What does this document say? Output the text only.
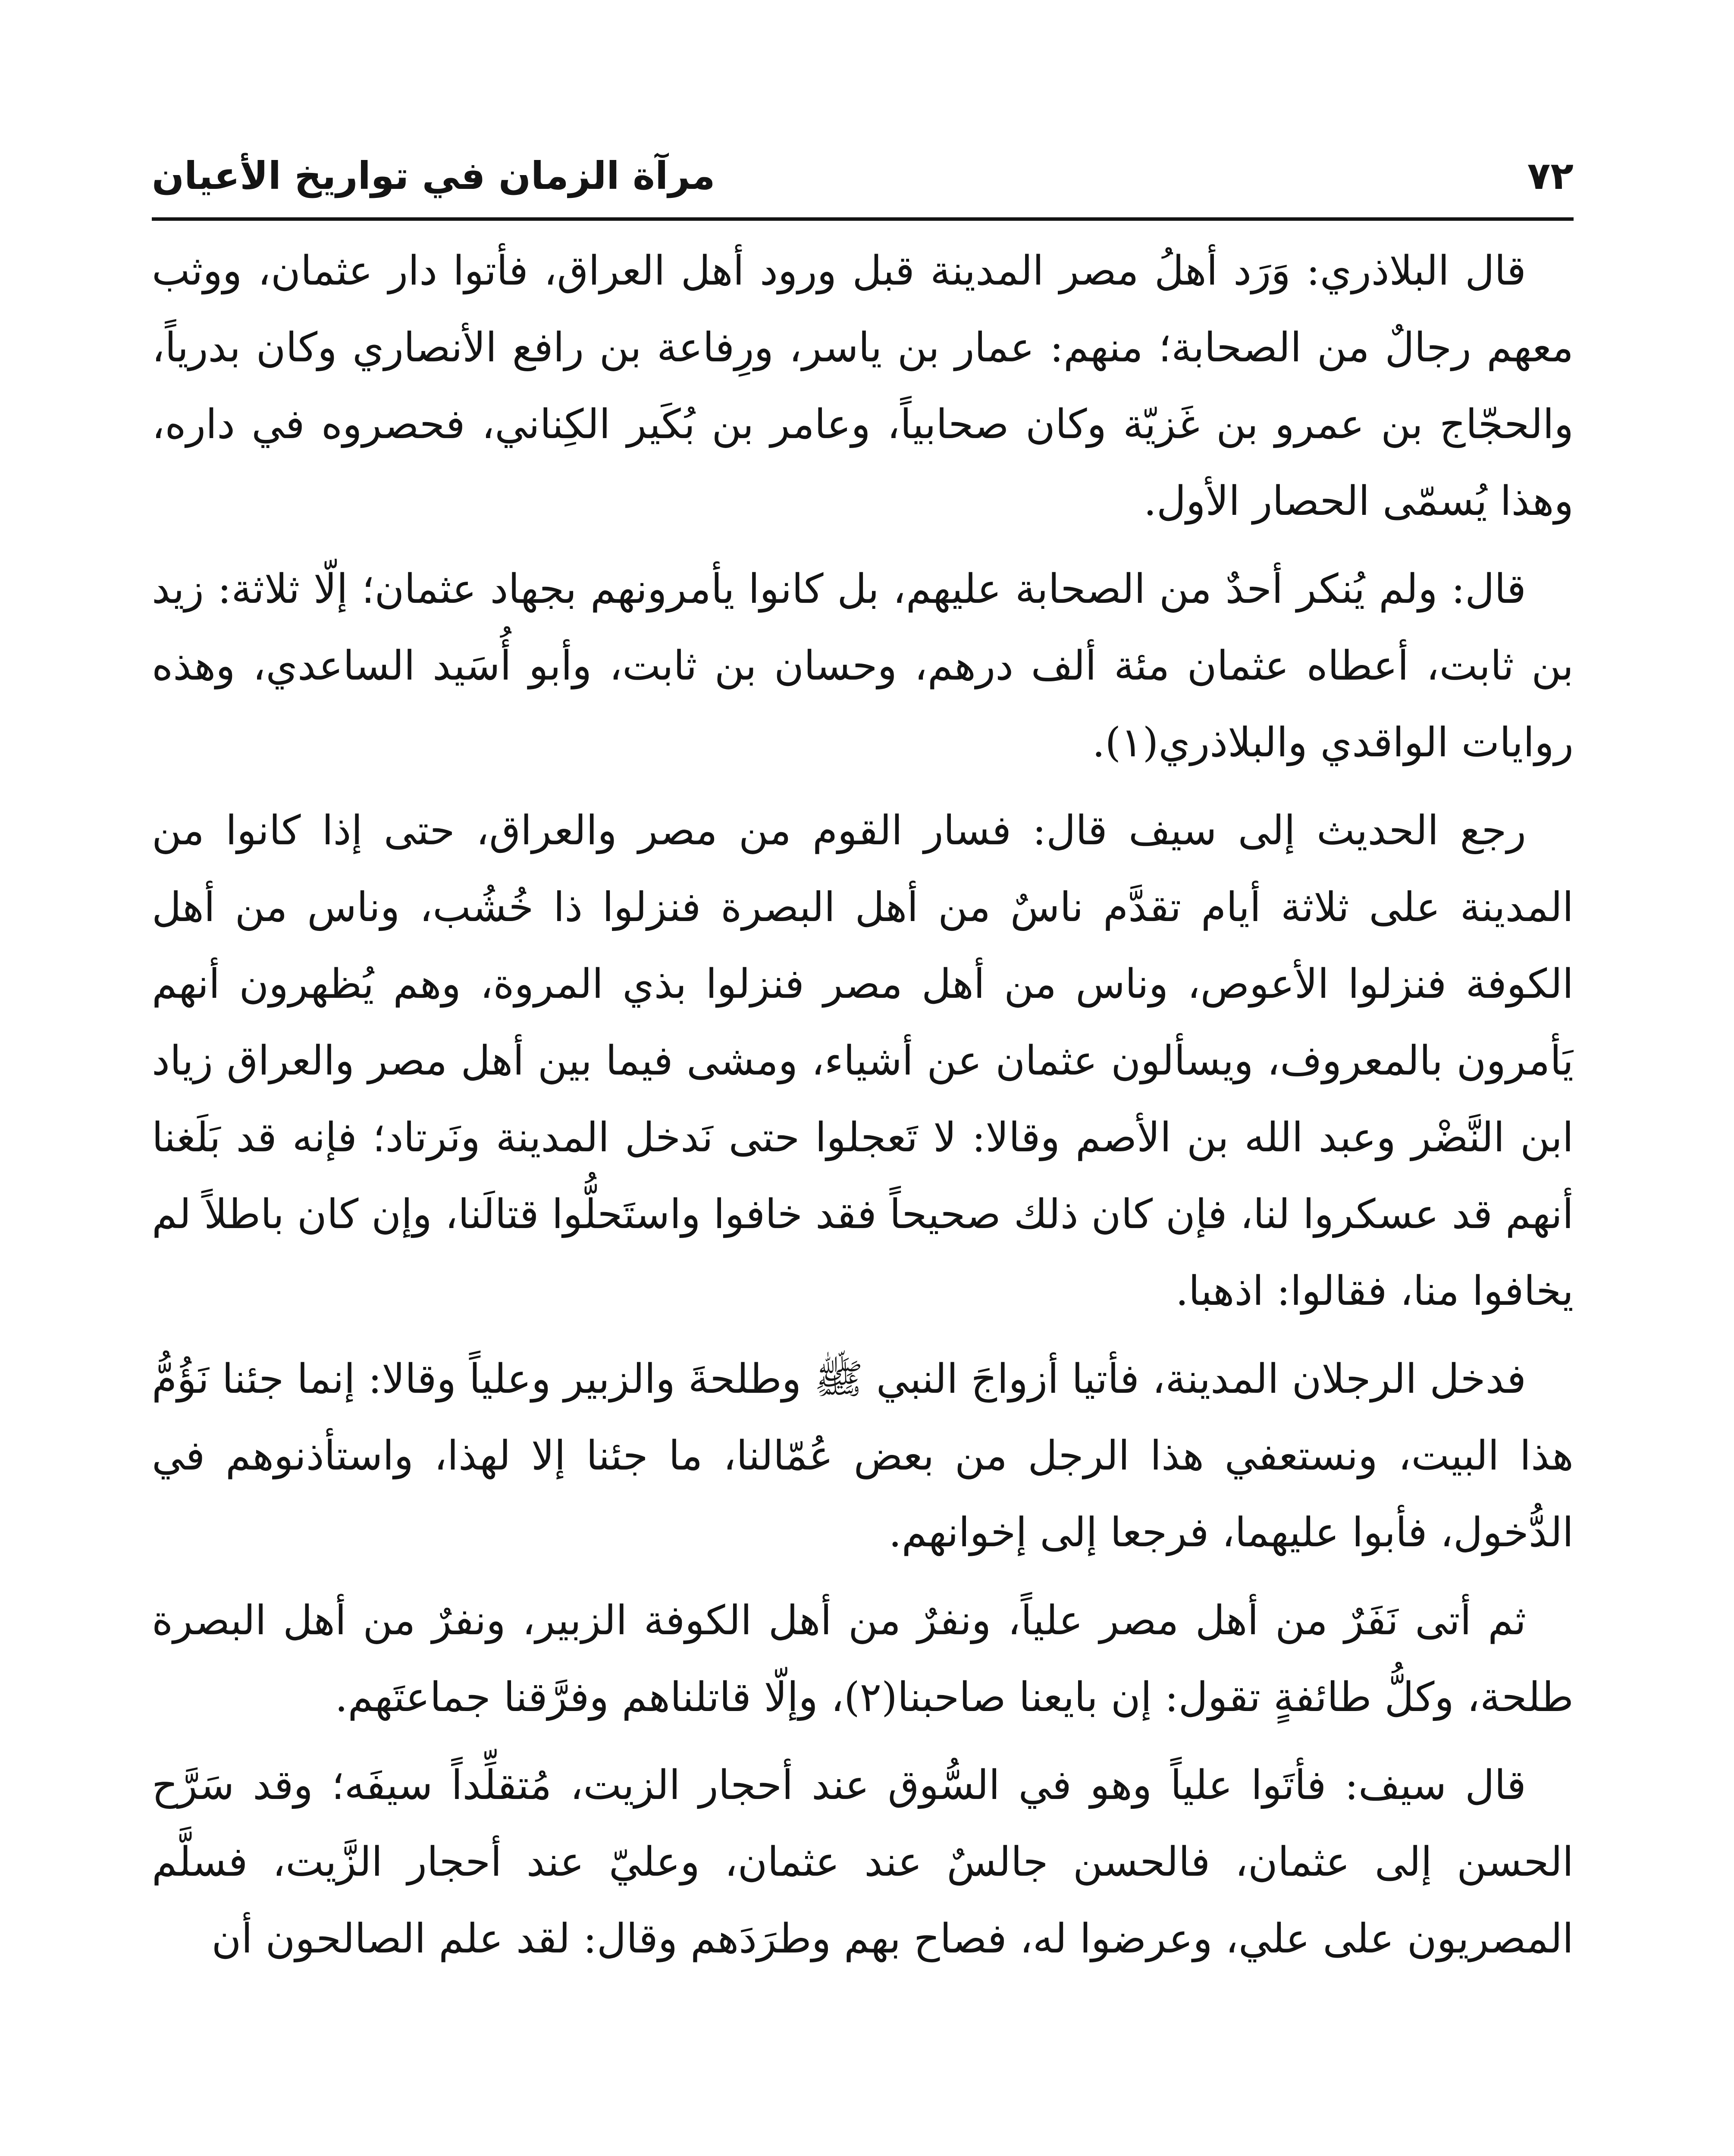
٧٢
مرآة الزمان في تواريخ الأعيان

قال البلاذري: وَرَد أهلُ مصر المدينة قبل ورود أهل العراق، فأتوا دار عثمان، ووثب معهم رجالٌ من الصحابة؛ منهم: عمار بن ياسر، ورِفاعة بن رافع الأنصاري وكان بدرياً، والحجّاج بن عمرو بن غَزيّة وكان صحابياً، وعامر بن بُكَير الكِناني، فحصروه في داره، وهذا يُسمّى الحصار الأول.

قال: ولم يُنكر أحدٌ من الصحابة عليهم، بل كانوا يأمرونهم بجهاد عثمان؛ إلّا ثلاثة: زيد بن ثابت، أعطاه عثمان مئة ألف درهم، وحسان بن ثابت، وأبو أُسَيد الساعدي، وهذه روايات الواقدي والبلاذري(١).

رجع الحديث إلى سيف قال: فسار القوم من مصر والعراق، حتى إذا كانوا من المدينة على ثلاثة أيام تقدَّم ناسٌ من أهل البصرة فنزلوا ذا خُشُب، وناس من أهل الكوفة فنزلوا الأعوص، وناس من أهل مصر فنزلوا بذي المروة، وهم يُظهرون أنهم يَأمرون بالمعروف، ويسألون عثمان عن أشياء، ومشى فيما بين أهل مصر والعراق زياد ابن النَّضْر وعبد الله بن الأصم وقالا: لا تَعجلوا حتى نَدخل المدينة ونَرتاد؛ فإنه قد بَلَغنا أنهم قد عسكروا لنا، فإن كان ذلك صحيحاً فقد خافوا واستَحلُّوا قتالَنا، وإن كان باطلاً لم يخافوا منا، فقالوا: اذهبا.

فدخل الرجلان المدينة، فأتيا أزواجَ النبي ﷺ وطلحةَ والزبير وعلياً وقالا: إنما جئنا نَؤُمُّ هذا البيت، ونستعفي هذا الرجل من بعض عُمّالنا، ما جئنا إلا لهذا، واستأذنوهم في الدُّخول، فأبوا عليهما، فرجعا إلى إخوانهم.

ثم أتى نَفَرٌ من أهل مصر علياً، ونفرٌ من أهل الكوفة الزبير، ونفرٌ من أهل البصرة طلحة، وكلُّ طائفةٍ تقول: إن بايعنا صاحبنا(٢)، وإلّا قاتلناهم وفرَّقنا جماعتَهم.

قال سيف: فأتَوا علياً وهو في السُّوق عند أحجار الزيت، مُتقلِّداً سيفَه؛ وقد سَرَّح الحسن إلى عثمان، فالحسن جالسٌ عند عثمان، وعليّ عند أحجار الزَّيت، فسلَّم المصريون على علي، وعرضوا له، فصاح بهم وطرَدَهم وقال: لقد علم الصالحون أن
